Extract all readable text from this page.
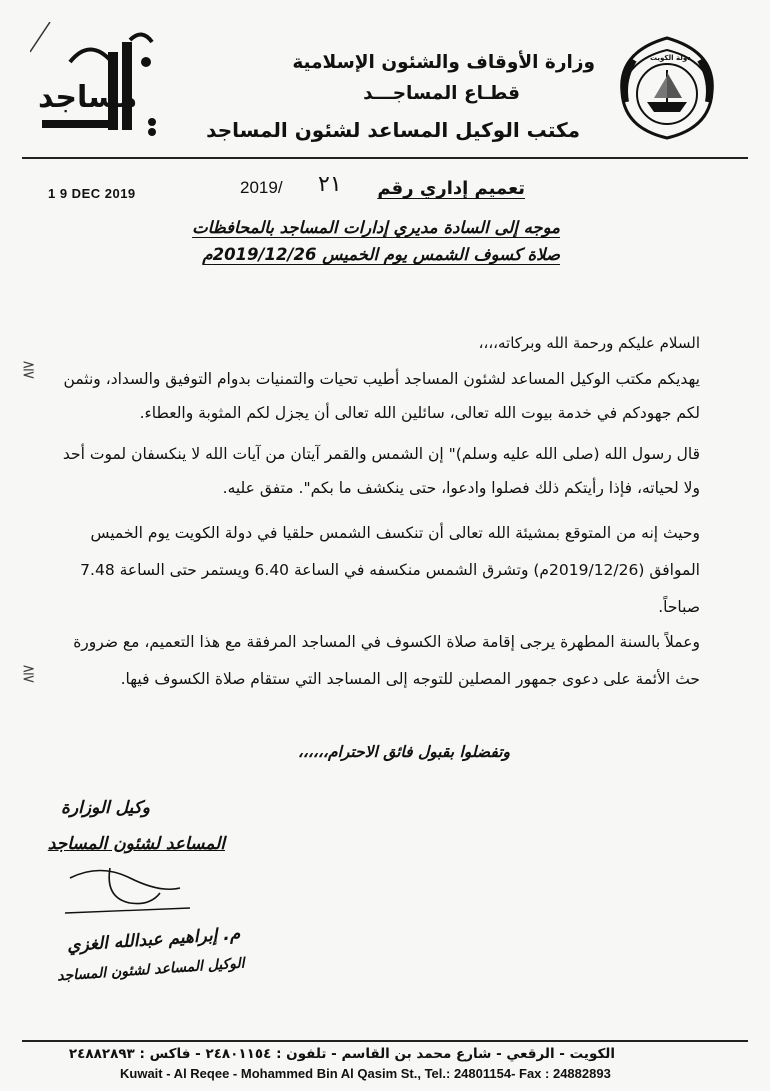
مساجد
وزارة الأوقاف والشئون الإسلامية
قطـاع المساجـــد
مكتب الوكيل المساعد لشئون المساجد
دولة الكويت
1 9 DEC 2019	2019/ ٢١ تعميم إداري رقم
موجه إلى السادة مديري إدارات المساجد بالمحافظات
صلاة كسوف الشمس يوم الخميس 2019/12/26م
السلام عليكم ورحمة الله وبركاته،،،،
يهديكم مكتب الوكيل المساعد لشئون المساجد أطيب تحيات والتمنيات بدوام التوفيق والسداد، ونثمن لكم جهودكم في خدمة بيوت الله تعالى، سائلين الله تعالى أن يجزل لكم المثوبة والعطاء.
قال رسول الله (صلى الله عليه وسلم)" إن الشمس والقمر آيتان من آيات الله لا ينكسفان لموت أحد ولا لحياته، فإذا رأيتكم ذلك فصلوا وادعوا، حتى ينكشف ما بكم". متفق عليه.
وحيث إنه من المتوقع بمشيئة الله تعالى أن تنكسف الشمس حلقيا في دولة الكويت يوم الخميس الموافق (2019/12/26م) وتشرق الشمس منكسفه في الساعة 6.40 ويستمر حتى الساعة 7.48 صباحاً.
وعملاً بالسنة المطهرة يرجى إقامة صلاة الكسوف في المساجد المرفقة مع هذا التعميم، مع ضرورة حث الأئمة على دعوى جمهور المصلين للتوجه إلى المساجد التي ستقام صلاة الكسوف فيها.
⋛
⋛
وتفضلوا بقبول فائق الاحترام،،،،،،
وكيل الوزارة
المساعد لشئون المساجد
م. إبراهيم عبدالله الغزي
الوكيل المساعد لشئون المساجد
الكويت - الرقعي - شارع محمد بن القاسم - تلفون : ٢٤٨٠١١٥٤ - فاكس : ٢٤٨٨٢٨٩٣
Kuwait - Al Reqee - Mohammed Bin Al Qasim St., Tel.: 24801154- Fax : 24882893
